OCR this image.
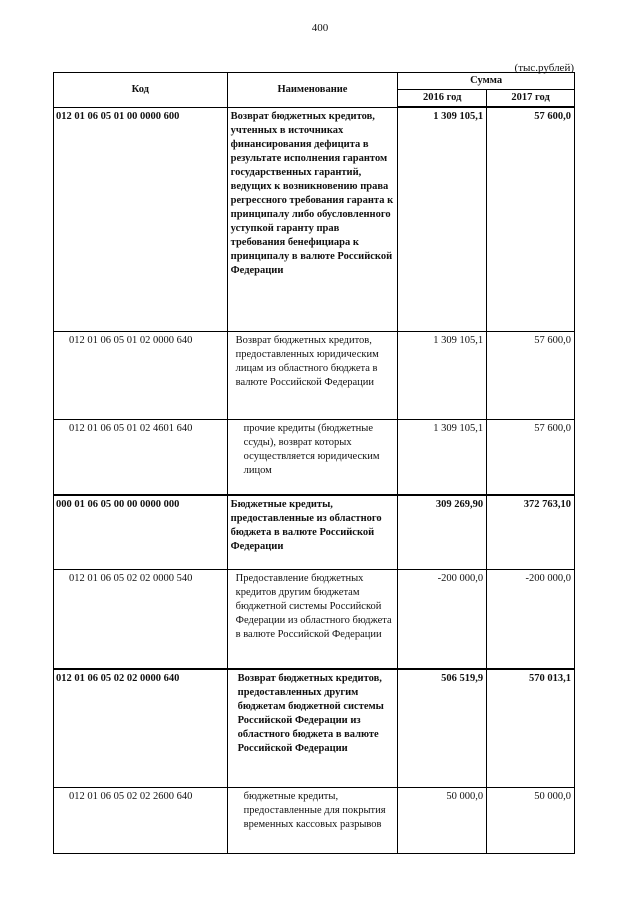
400
(тыс.рублей)
Код	Наименование	Сумма	
		2016 год	2017 год
012 01 06 05 01 00 0000 600	Возврат бюджетных кредитов, учтенных в источниках финансирования дефицита в результате исполнения гарантом государственных гарантий, ведущих к возникновению права регрессного требования гаранта к принципалу либо обусловленного уступкой гаранту прав требования бенефициара к принципалу в валюте Российской Федерации	1 309 105,1	57 600,0
012 01 06 05 01 02 0000 640	Возврат бюджетных кредитов, предоставленных юридическим лицам из областного бюджета в валюте Российской Федерации	1 309 105,1	57 600,0
012 01 06 05 01 02 4601 640	прочие кредиты (бюджетные ссуды), возврат которых осуществляется юридическим лицом	1 309 105,1	57 600,0
000 01 06 05 00 00 0000 000	Бюджетные кредиты, предоставленные из областного бюджета в валюте Российской Федерации	309 269,90	372 763,10
012 01 06 05 02 02 0000 540	Предоставление бюджетных кредитов другим бюджетам бюджетной системы Российской Федерации из областного бюджета в валюте Российской Федерации	-200 000,0	-200 000,0
012 01 06 05 02 02 0000 640	Возврат бюджетных кредитов, предоставленных другим бюджетам бюджетной системы Российской Федерации из областного бюджета в валюте Российской Федерации	506 519,9	570 013,1
012 01 06 05 02 02 2600 640	бюджетные кредиты, предоставленные для покрытия временных кассовых разрывов	50 000,0	50 000,0
